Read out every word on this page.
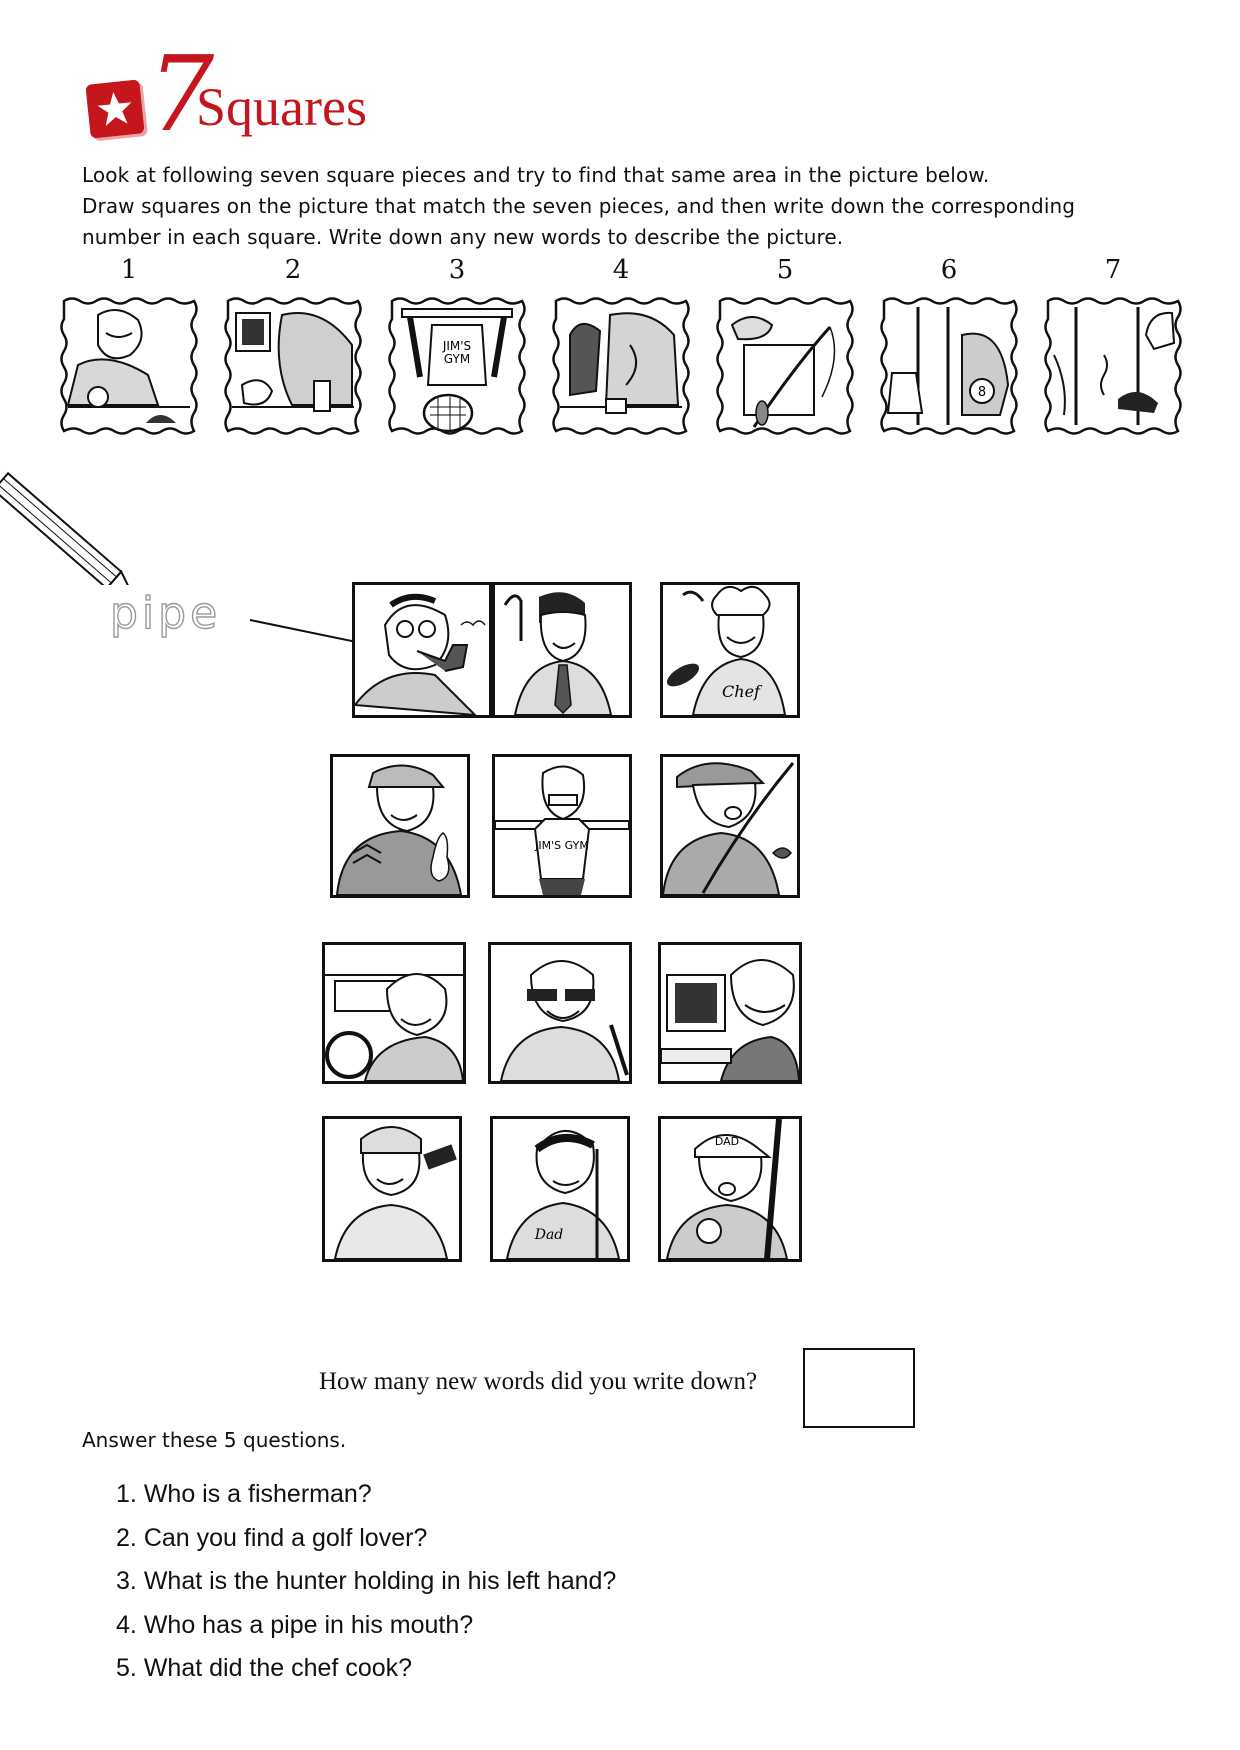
7
Squares

Look at following seven square pieces and try to find that same area in the picture below.

Draw squares on the picture that match the seven pieces, and then write down the corresponding

number in each square. Write down any new words to describe the picture.

1	2	3
JIM'S
GYM
4	5	6
8
7
pipe
Chef
JIM'S GYM
Dad
DAD
How many new words did you write down?
Answer these 5 questions.
1. Who is a fisherman?
2. Can you find a golf lover?
3. What is the hunter holding in his left hand?
4. Who has a pipe in his mouth?
5. What did the chef cook?
